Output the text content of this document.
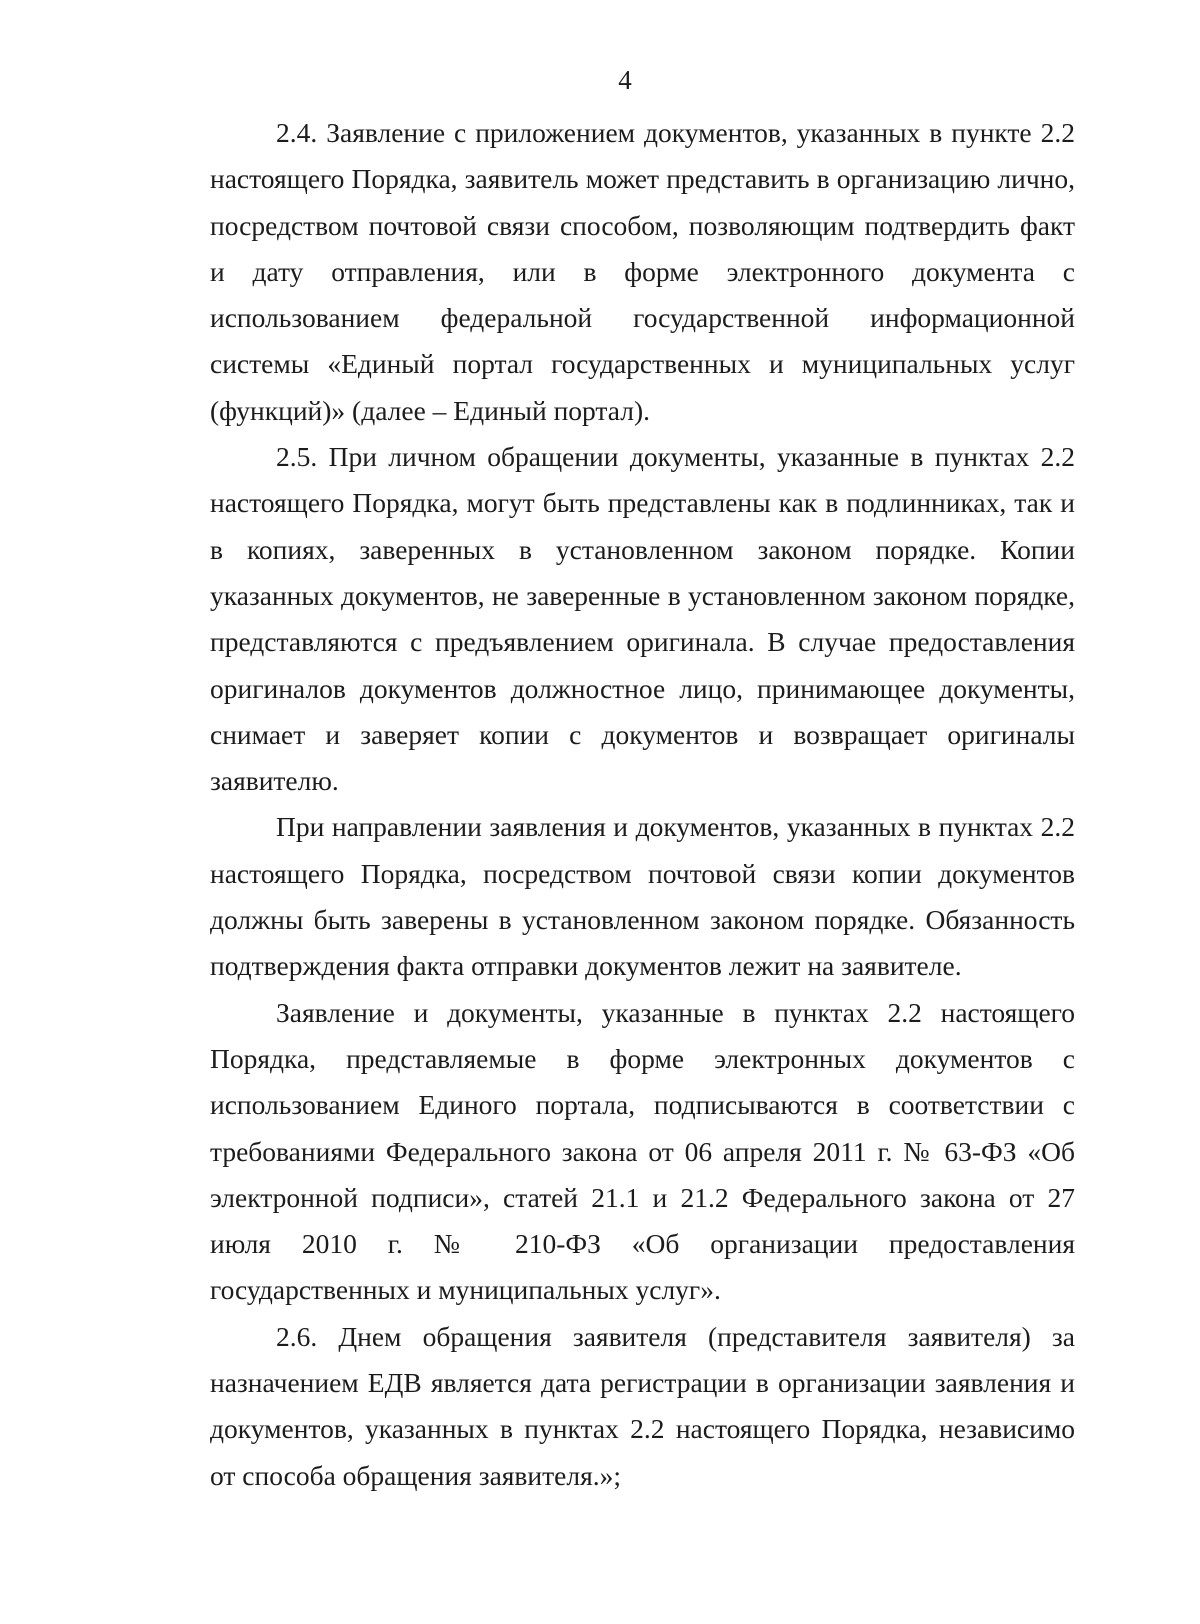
4

2.4. Заявление с приложением документов, указанных в пункте 2.2 настоящего Порядка, заявитель может представить в организацию лично, посредством почтовой связи способом, позволяющим подтвердить факт и дату отправления, или в форме электронного документа с использованием федеральной государственной информационной системы «Единый портал государственных и муниципальных услуг (функций)» (далее – Единый портал).

2.5. При личном обращении документы, указанные в пунктах 2.2 настоящего Порядка, могут быть представлены как в подлинниках, так и в копиях, заверенных в установленном законом порядке. Копии указанных документов, не заверенные в установленном законом порядке, представляются с предъявлением оригинала. В случае предоставления оригиналов документов должностное лицо, принимающее документы, снимает и заверяет копии с документов и возвращает оригиналы заявителю.

При направлении заявления и документов, указанных в пунктах 2.2 настоящего Порядка, посредством почтовой связи копии документов должны быть заверены в установленном законом порядке. Обязанность подтверждения факта отправки документов лежит на заявителе.

Заявление и документы, указанные в пунктах 2.2 настоящего Порядка, представляемые в форме электронных документов с использованием Единого портала, подписываются в соответствии с требованиями Федерального закона от 06 апреля 2011 г. № 63-ФЗ «Об электронной подписи», статей 21.1 и 21.2 Федерального закона от 27 июля 2010 г. № 210-ФЗ «Об организации предоставления государственных и муниципальных услуг».

2.6. Днем обращения заявителя (представителя заявителя) за назначением ЕДВ является дата регистрации в организации заявления и документов, указанных в пунктах 2.2 настоящего Порядка, независимо от способа обращения заявителя.»;
